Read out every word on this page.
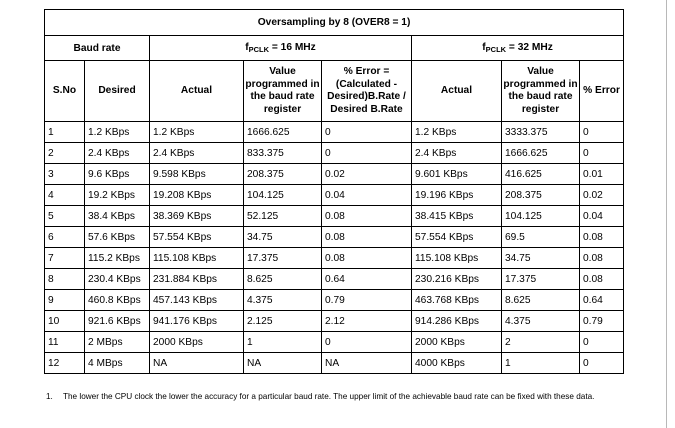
Oversampling by 8 (OVER8 = 1)							
Baud rate		$f_{PCLK} = 16$ MHz			$f_{PCLK} = 32$ MHz		
S.No	Desired	Actual	Value programmed in the baud rate register	% Error = (Calculated - Desired)B.Rate / Desired B.Rate	Actual	Value programmed in the baud rate register	% Error
1	1.2 KBps	1.2 KBps	1666.625	0	1.2 KBps	3333.375	0
2	2.4 KBps	2.4 KBps	833.375	0	2.4 KBps	1666.625	0
3	9.6 KBps	9.598 KBps	208.375	0.02	9.601 KBps	416.625	0.01
4	19.2 KBps	19.208 KBps	104.125	0.04	19.196 KBps	208.375	0.02
5	38.4 KBps	38.369 KBps	52.125	0.08	38.415 KBps	104.125	0.04
6	57.6 KBps	57.554 KBps	34.75	0.08	57.554 KBps	69.5	0.08
7	115.2 KBps	115.108 KBps	17.375	0.08	115.108 KBps	34.75	0.08
8	230.4 KBps	231.884 KBps	8.625	0.64	230.216 KBps	17.375	0.08
9	460.8 KBps	457.143 KBps	4.375	0.79	463.768 KBps	8.625	0.64
10	921.6 KBps	941.176 KBps	2.125	2.12	914.286 KBps	4.375	0.79
11	2 MBps	2000 KBps	1	0	2000 KBps	2	0
12	4 MBps	NA	NA	NA	4000 KBps	1	0
1. The lower the CPU clock the lower the accuracy for a particular baud rate. The upper limit of the achievable baud rate can be fixed with these data.
